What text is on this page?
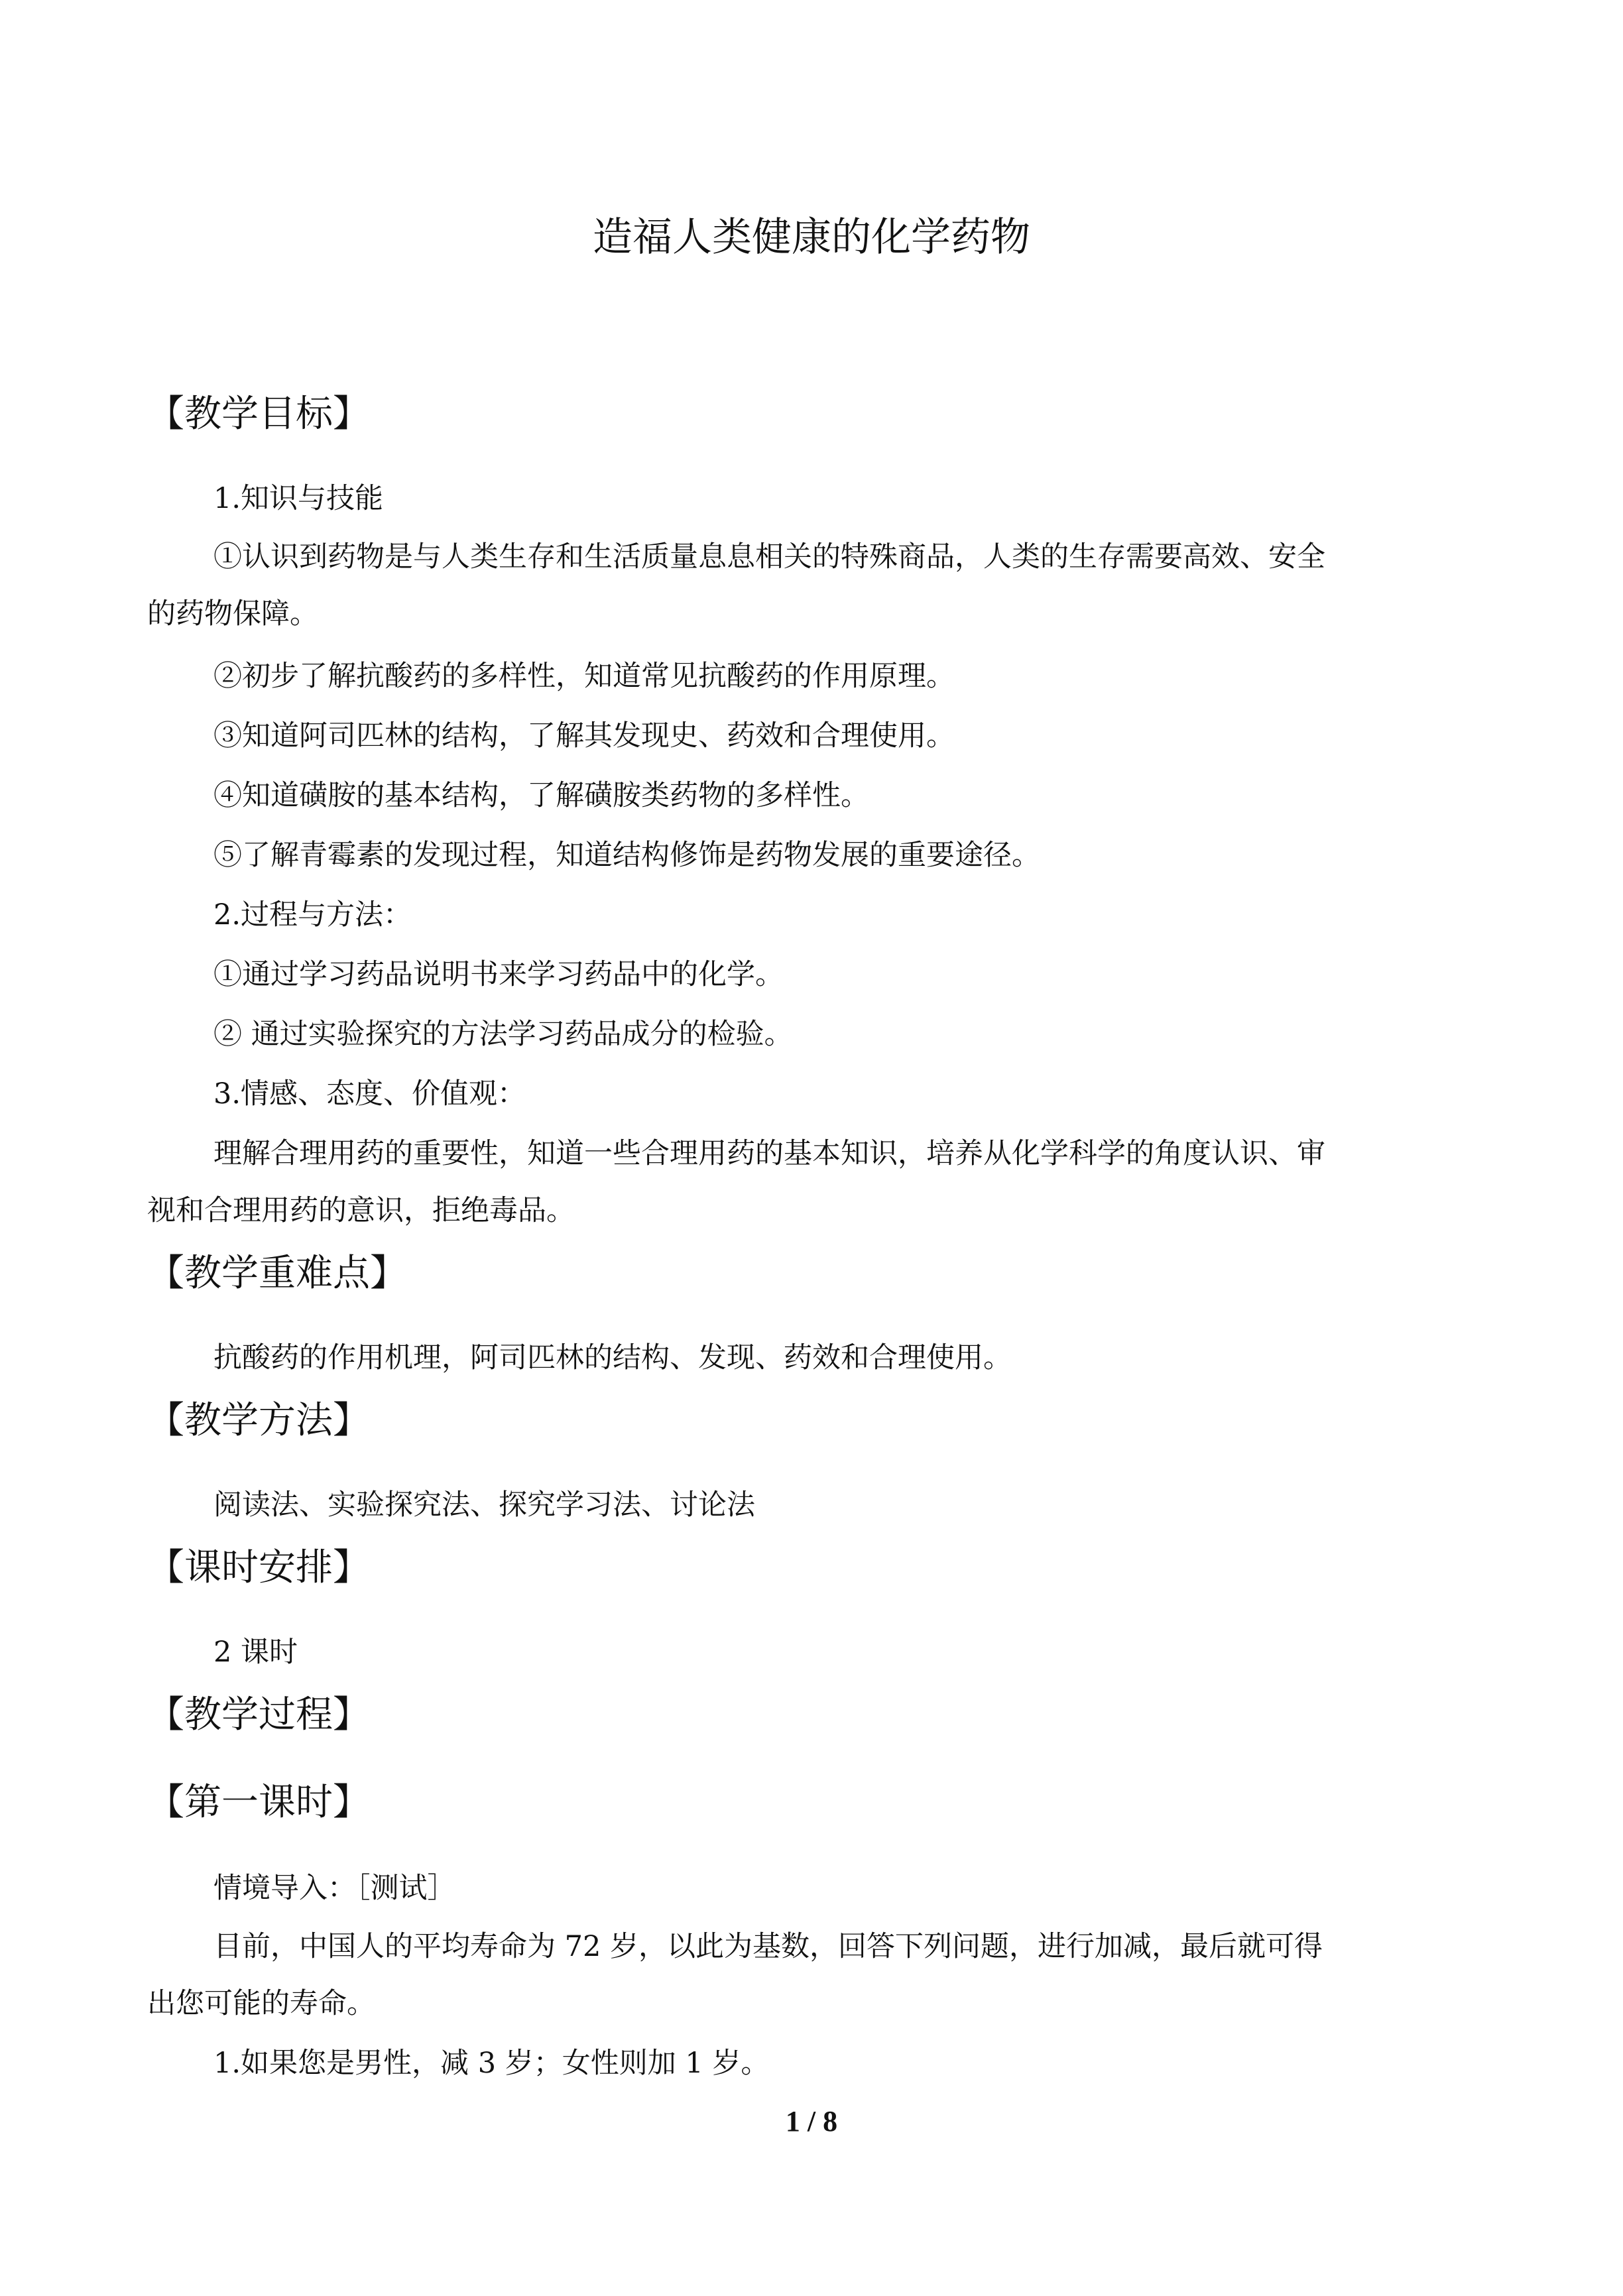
造福人类健康的化学药物
【教学目标】
1.知识与技能
①认识到药物是与人类生存和生活质量息息相关的特殊商品，人类的生存需要高效、安全
的药物保障。
②初步了解抗酸药的多样性，知道常见抗酸药的作用原理。
③知道阿司匹林的结构，了解其发现史、药效和合理使用。
④知道磺胺的基本结构，了解磺胺类药物的多样性。
⑤了解青霉素的发现过程，知道结构修饰是药物发展的重要途径。
2.过程与方法：
①通过学习药品说明书来学习药品中的化学。
② 通过实验探究的方法学习药品成分的检验。
3.情感、态度、价值观：
理解合理用药的重要性，知道一些合理用药的基本知识，培养从化学科学的角度认识、审
视和合理用药的意识，拒绝毒品。
【教学重难点】
抗酸药的作用机理，阿司匹林的结构、发现、药效和合理使用。
【教学方法】
阅读法、实验探究法、探究学习法、讨论法
【课时安排】
2 课时
【教学过程】
【第一课时】
情境导入：［测试］
目前，中国人的平均寿命为 72 岁，以此为基数，回答下列问题，进行加减，最后就可得
出您可能的寿命。
1.如果您是男性，减 3 岁；女性则加 1 岁。
1 / 8
